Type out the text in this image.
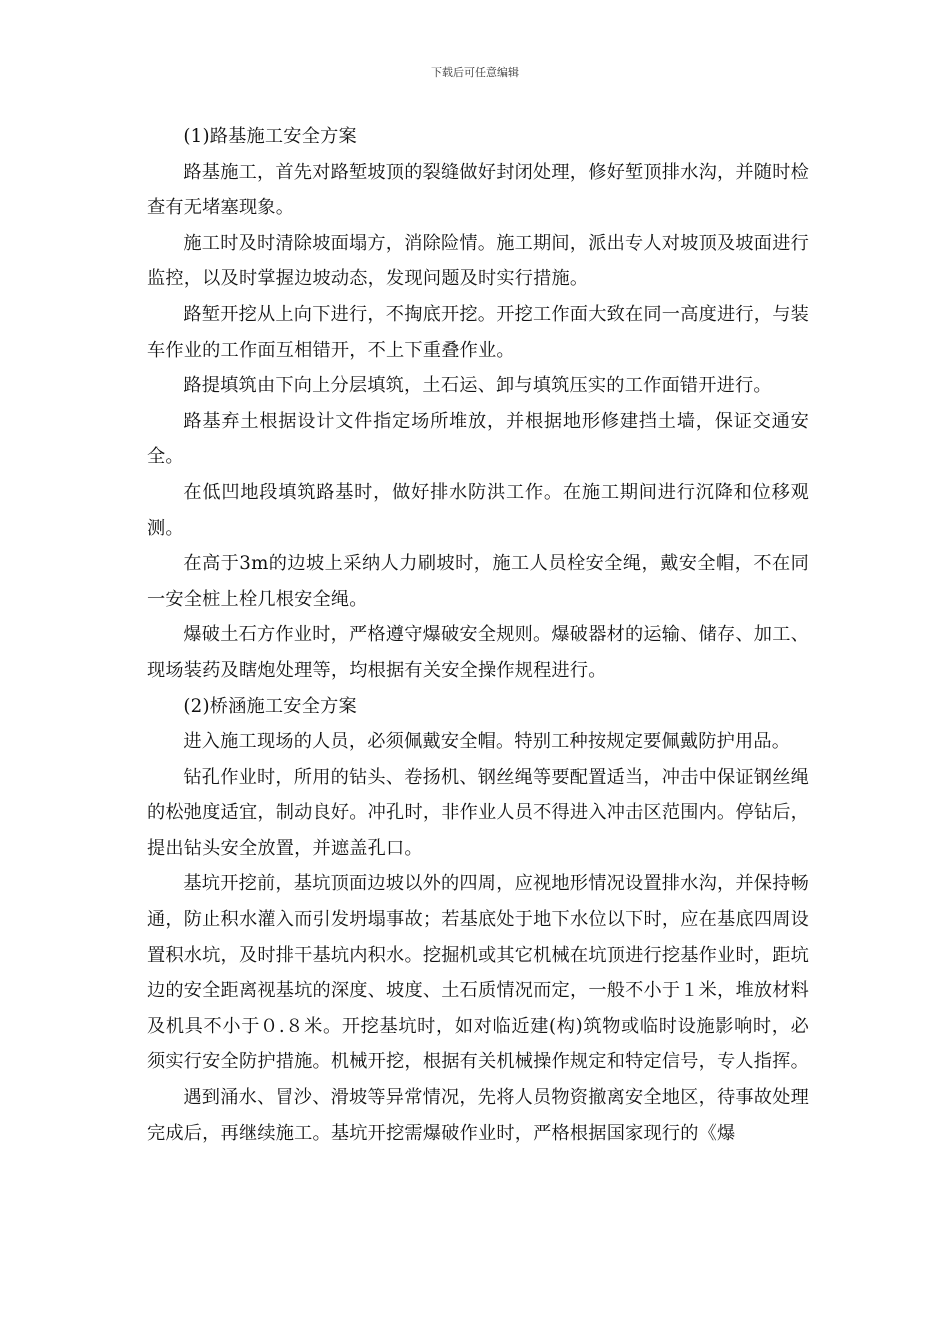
下载后可任意编辑

(1)路基施工安全方案

路基施工，首先对路堑坡顶的裂缝做好封闭处理，修好堑顶排水沟，并随时检查有无堵塞现象。

施工时及时清除坡面塌方，消除险情。施工期间，派出专人对坡顶及坡面进行监控，以及时掌握边坡动态，发现问题及时实行措施。

路堑开挖从上向下进行，不掏底开挖。开挖工作面大致在同一高度进行，与装车作业的工作面互相错开，不上下重叠作业。

路提填筑由下向上分层填筑，土石运、卸与填筑压实的工作面错开进行。

路基弃土根据设计文件指定场所堆放，并根据地形修建挡土墙，保证交通安全。

在低凹地段填筑路基时，做好排水防洪工作。在施工期间进行沉降和位移观测。

在高于3m的边坡上采纳人力刷坡时，施工人员栓安全绳，戴安全帽，不在同一安全桩上栓几根安全绳。

爆破土石方作业时，严格遵守爆破安全规则。爆破器材的运输、储存、加工、现场装药及瞎炮处理等，均根据有关安全操作规程进行。

(2)桥涵施工安全方案

进入施工现场的人员，必须佩戴安全帽。特别工种按规定要佩戴防护用品。

钻孔作业时，所用的钻头、卷扬机、钢丝绳等要配置适当，冲击中保证钢丝绳的松弛度适宜，制动良好。冲孔时，非作业人员不得进入冲击区范围内。停钻后，提出钻头安全放置，并遮盖孔口。

基坑开挖前，基坑顶面边坡以外的四周，应视地形情况设置排水沟，并保持畅通，防止积水灌入而引发坍塌事故；若基底处于地下水位以下时，应在基底四周设置积水坑，及时排干基坑内积水。挖掘机或其它机械在坑顶进行挖基作业时，距坑边的安全距离视基坑的深度、坡度、土石质情况而定，一般不小于１米，堆放材料及机具不小于０.８米。开挖基坑时，如对临近建(构)筑物或临时设施影响时，必须实行安全防护措施。机械开挖，根据有关机械操作规定和特定信号，专人指挥。

遇到涌水、冒沙、滑坡等异常情况，先将人员物资撤离安全地区，待事故处理完成后，再继续施工。基坑开挖需爆破作业时，严格根据国家现行的《爆
